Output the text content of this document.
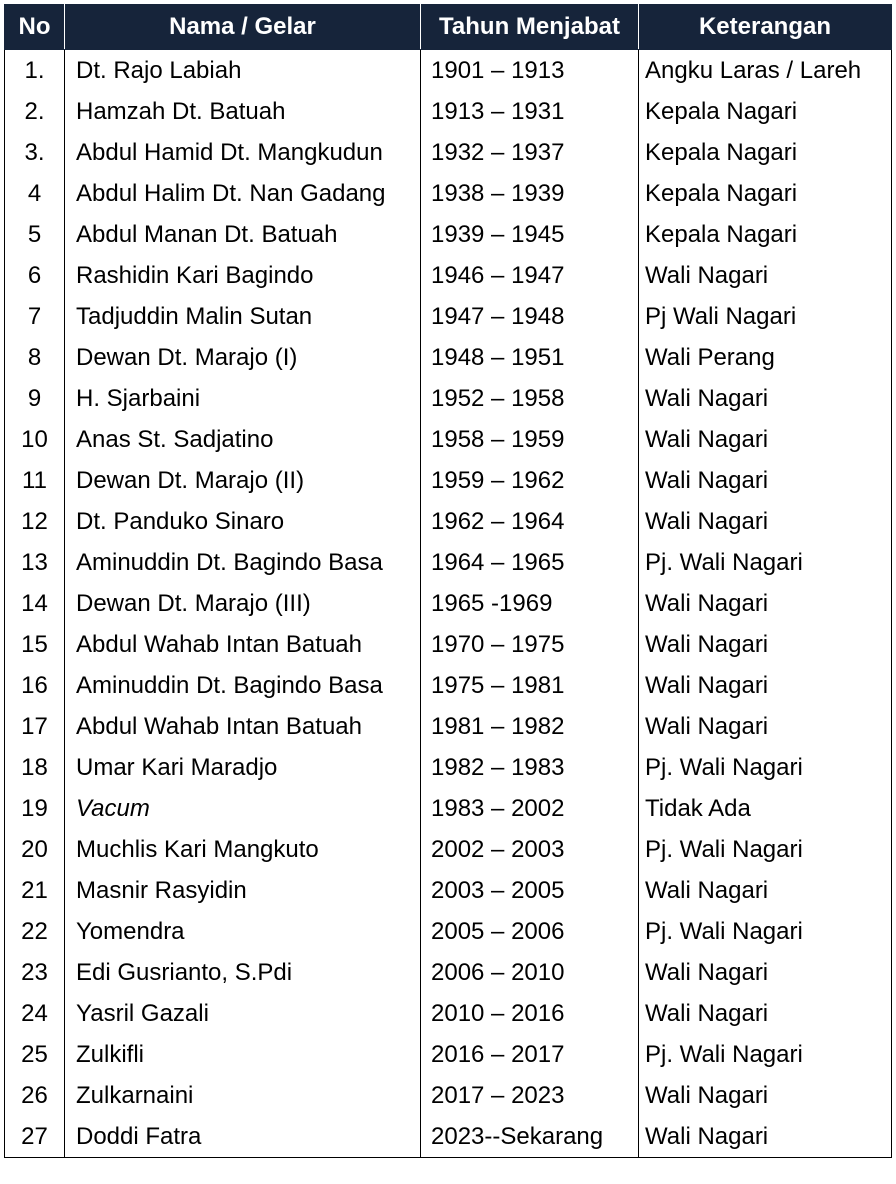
No	Nama / Gelar	Tahun Menjabat	Keterangan
1.	Dt. Rajo Labiah	1901 – 1913	Angku Laras / Lareh
2.	Hamzah Dt. Batuah	1913 – 1931	Kepala Nagari
3.	Abdul Hamid Dt. Mangkudun	1932 – 1937	Kepala Nagari
4	Abdul Halim Dt. Nan Gadang	1938 – 1939	Kepala Nagari
5	Abdul Manan Dt. Batuah	1939 – 1945	Kepala Nagari
6	Rashidin Kari Bagindo	1946 – 1947	Wali Nagari
7	Tadjuddin Malin Sutan	1947 – 1948	Pj Wali Nagari
8	Dewan Dt. Marajo (I)	1948 – 1951	Wali Perang
9	H. Sjarbaini	1952 – 1958	Wali Nagari
10	Anas St. Sadjatino	1958 – 1959	Wali Nagari
11	Dewan Dt. Marajo (II)	1959 – 1962	Wali Nagari
12	Dt. Panduko Sinaro	1962 – 1964	Wali Nagari
13	Aminuddin Dt. Bagindo Basa	1964 – 1965	Pj. Wali Nagari
14	Dewan Dt. Marajo (III)	1965 -1969	Wali Nagari
15	Abdul Wahab Intan Batuah	1970 – 1975	Wali Nagari
16	Aminuddin Dt. Bagindo Basa	1975 – 1981	Wali Nagari
17	Abdul Wahab Intan Batuah	1981 – 1982	Wali Nagari
18	Umar Kari Maradjo	1982 – 1983	Pj. Wali Nagari
19	Vacum	1983 – 2002	Tidak Ada
20	Muchlis Kari Mangkuto	2002 – 2003	Pj. Wali Nagari
21	Masnir Rasyidin	2003 – 2005	Wali Nagari
22	Yomendra	2005 – 2006	Pj. Wali Nagari
23	Edi Gusrianto, S.Pdi	2006 – 2010	Wali Nagari
24	Yasril Gazali	2010 – 2016	Wali Nagari
25	Zulkifli	2016 – 2017	Pj. Wali Nagari
26	Zulkarnaini	2017 – 2023	Wali Nagari
27	Doddi Fatra	2023--Sekarang	Wali Nagari
